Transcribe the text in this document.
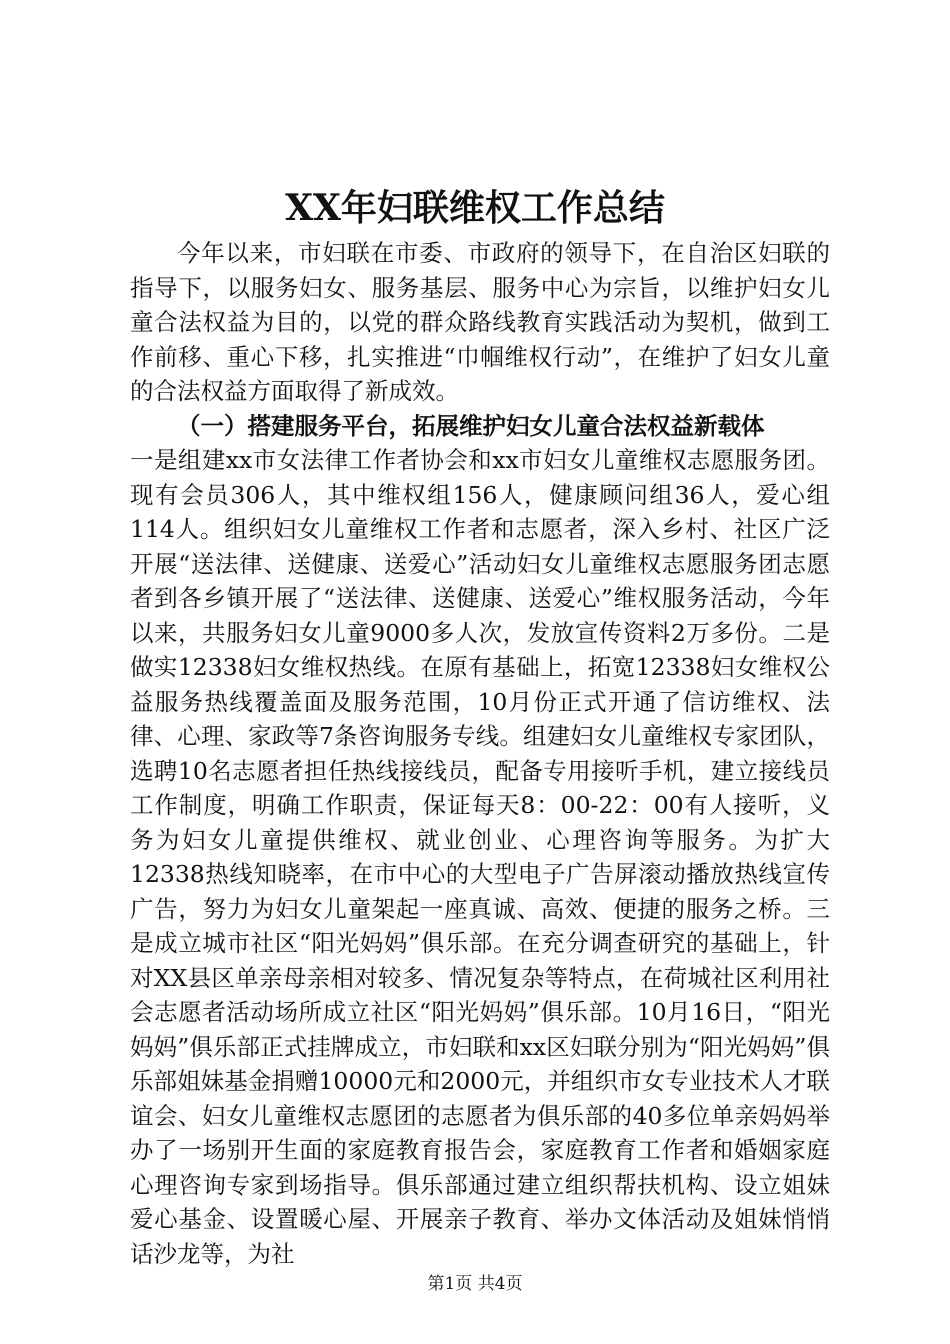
XX年妇联维权工作总结

今年以来，市妇联在市委、市政府的领导下，在自治区妇联的指导下，以服务妇女、服务基层、服务中心为宗旨，以维护妇女儿童合法权益为目的，以党的群众路线教育实践活动为契机，做到工作前移、重心下移，扎实推进“巾帼维权行动”，在维护了妇女儿童的合法权益方面取得了新成效。

（一）搭建服务平台，拓展维护妇女儿童合法权益新载体

一是组建xx市女法律工作者协会和xx市妇女儿童维权志愿服务团。现有会员306人，其中维权组156人，健康顾问组36人，爱心组114人。组织妇女儿童维权工作者和志愿者，深入乡村、社区广泛开展“送法律、送健康、送爱心”活动妇女儿童维权志愿服务团志愿者到各乡镇开展了“送法律、送健康、送爱心”维权服务活动，今年以来，共服务妇女儿童9000多人次，发放宣传资料2万多份。二是做实12338妇女维权热线。在原有基础上，拓宽12338妇女维权公益服务热线覆盖面及服务范围，10月份正式开通了信访维权、法律、心理、家政等7条咨询服务专线。组建妇女儿童维权专家团队，选聘10名志愿者担任热线接线员，配备专用接听手机，建立接线员工作制度，明确工作职责，保证每天8：00-22：00有人接听，义务为妇女儿童提供维权、就业创业、心理咨询等服务。为扩大12338热线知晓率，在市中心的大型电子广告屏滚动播放热线宣传广告，努力为妇女儿童架起一座真诚、高效、便捷的服务之桥。三是成立城市社区“阳光妈妈”俱乐部。在充分调查研究的基础上，针对XX县区单亲母亲相对较多、情况复杂等特点，在荷城社区利用社会志愿者活动场所成立社区“阳光妈妈”俱乐部。10月16日，“阳光妈妈”俱乐部正式挂牌成立，市妇联和xx区妇联分别为“阳光妈妈”俱乐部姐妹基金捐赠10000元和2000元，并组织市女专业技术人才联谊会、妇女儿童维权志愿团的志愿者为俱乐部的40多位单亲妈妈举办了一场别开生面的家庭教育报告会，家庭教育工作者和婚姻家庭心理咨询专家到场指导。俱乐部通过建立组织帮扶机构、设立姐妹爱心基金、设置暖心屋、开展亲子教育、举办文体活动及姐妹悄悄话沙龙等，为社

第1页 共4页
